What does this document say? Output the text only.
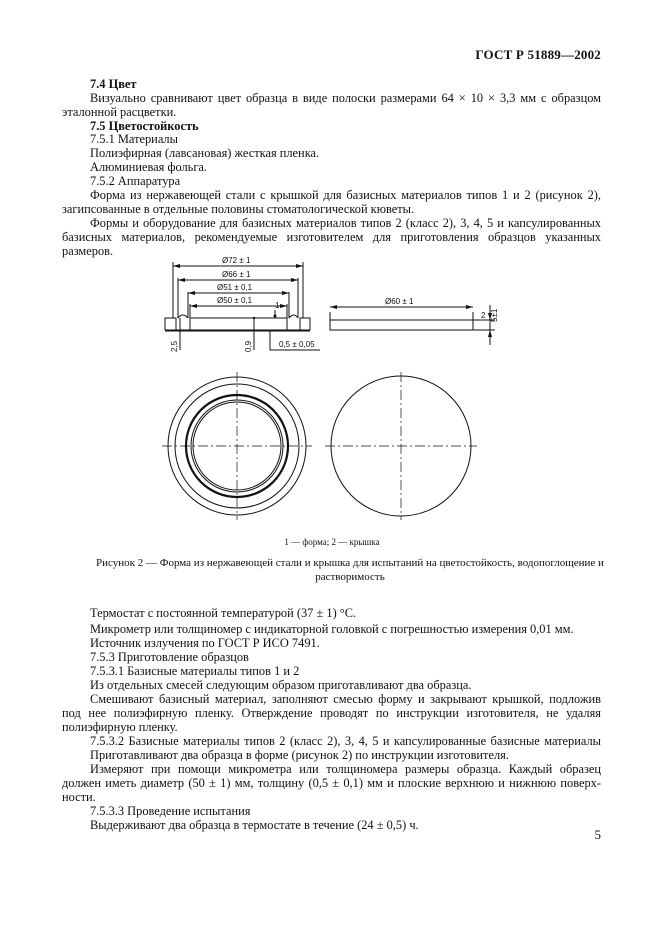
ГОСТ Р 51889—2002
7.4 Цвет
Визуально сравнивают цвет образца в виде полоски размерами 64 × 10 × 3,3 мм с образцом
эталонной расцветки.
7.5 Цветостойкость
7.5.1 Материалы
Полиэфирная (лавсановая) жесткая пленка.
Алюминиевая фольга.
7.5.2 Аппаратура
Форма из нержавеющей стали с крышкой для базисных материалов типов 1 и 2 (рисунок 2),
загипсованные в отдельные половины стоматологической кюветы.
Формы и оборудование для базисных материалов типов 2 (класс 2), 3, 4, 5 и капсулированных
базисных материалов, рекомендуемые изготовителем для приготовления образцов указанных
размеров.
Ø72 ± 1
Ø66 ± 1
Ø51 ± 0,1
Ø50 ± 0,1	Ø60 ± 1
2,5	0,9	0,5 ± 0,05
5±1
1
2
1 — форма; 2 — крышка
Рисунок 2 — Форма из нержавеющей стали и крышка для испытаний на цветостойкость, водопоглощение и растворимость
Термостат с постоянной температурой (37 ± 1) °С.
Микрометр или толщиномер с индикаторной головкой с погрешностью измерения 0,01 мм.
Источник излучения по ГОСТ Р ИСО 7491.
7.5.3 Приготовление образцов
7.5.3.1 Базисные материалы типов 1 и 2
Из отдельных смесей следующим образом приготавливают два образца.
Смешивают базисный материал, заполняют смесью форму и закрывают крышкой, подложив
под нее полиэфирную пленку. Отверждение проводят по инструкции изготовителя, не удаляя
полиэфирную пленку.
7.5.3.2 Базисные материалы типов 2 (класс 2), 3, 4, 5 и капсулированные базисные материалы
Приготавливают два образца в форме (рисунок 2) по инструкции изготовителя.
Измеряют при помощи микрометра или толщиномера размеры образца. Каждый образец
должен иметь диаметр (50 ± 1) мм, толщину (0,5 ± 0,1) мм и плоские верхнюю и нижнюю поверх-
ности.
7.5.3.3 Проведение испытания
Выдерживают два образца в термостате в течение (24 ± 0,5) ч.
5
